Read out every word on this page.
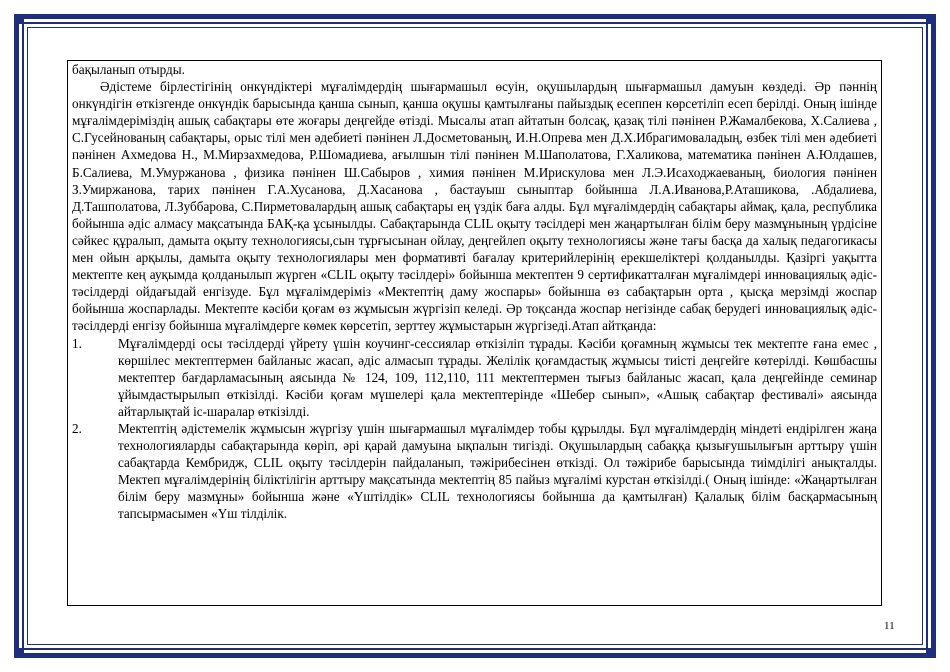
бақыланып отырды.

Әдістеме бірлестігінің онкүндіктері мұғалімдердің шығармашыл өсуін, оқушылардың шығармашыл дамуын көздеді. Әр пәннің онкүндігін өткізгенде онкүндік барысында қанша сынып, қанша оқушы қамтылғаны пайыздық есеппен көрсетіліп есеп берілді. Оның ішінде мұғалімдеріміздің ашық сабақтары өте жоғары деңгейде өтізді. Мысалы атап айтатын болсақ, қазақ тілі пәнінен Р.Жамалбекова, Х.Салиева , С.Гусейнованың сабақтары, орыс тілі мен әдебиеті пәнінен Л.Досметованың, И.Н.Опрева мен Д.Х.Ибрагимоваладың, өзбек тілі мен әдебиеті пәнінен Ахмедова Н., М.Мирзахмедова, Р.Шомадиева, ағылшын тілі пәнінен М.Шаполатова, Г.Халикова, математика пәнінен А.Юлдашев, Б.Салиева, М.Умуржанова , физика пәнінен Ш.Сабыров , химия пәнінен М.Ирискулова мен Л.Э.Исаходжаеваның, биология пәнінен З.Умиржанова, тарих пәнінен Г.А.Хусанова, Д.Хасанова , бастауыш сыныптар бойынша Л.А.Иванова,Р.Аташикова, .Абдалиева, Д.Ташполатова, Л.Зуббарова, С.Пирметовалардың ашық сабақтары ең үздік баға алды. Бұл мұғалімдердің сабақтары аймақ, қала, республика бойынша әдіс алмасу мақсатында БАҚ-қа ұсынылды. Сабақтарында CLIL оқыту тәсілдері мен жаңартылған білім беру мазмұнының үрдісіне сәйкес құралып, дамыта оқыту технологиясы,сын тұрғысынан ойлау, деңгейлеп оқыту технологиясы және тағы басқа да халық педагогикасы мен ойын арқылы, дамыта оқыту технологиялары мен формативті бағалау критерийлерінің ерекшеліктері қолданылды. Қазіргі уақытта мектепте кең ауқымда қолданылып жүрген «CLIL оқыту тәсілдері» бойынша мектептен 9 сертификатталған мұғалімдері инновациялық әдіс-тәсілдерді ойдағыдай енгізуде. Бұл мұғалімдеріміз «Мектептің даму жоспары» бойынша өз сабақтарын орта , қысқа мерзімді жоспар бойынша жоспарлады. Мектепте кәсіби қоғам өз жұмысын жүргізіп келеді. Әр тоқсанда жоспар негізінде сабақ берудегі инновациялық әдіс-тәсілдерді енгізу бойынша мұғалімдерге көмек көрсетіп, зерттеу жұмыстарын жүргізеді.Атап айтқанда:

1.	Мұғалімдерді осы тәсілдерді үйрету үшін коучинг-сессиялар өткізіліп тұрады. Кәсіби қоғамның жұмысы тек мектепте ғана емес , көршілес мектептермен байланыс жасап, әдіс алмасып тұрады. Желілік қоғамдастық жұмысы тиісті деңгейге көтерілді. Көшбасшы мектептер бағдарламасының аясында № 124, 109, 112,110, 111 мектептермен тығыз байланыс жасап, қала деңгейінде семинар ұйымдастырылып өткізілді. Кәсіби қоғам мүшелері қала мектептерінде «Шебер сынып», «Ашық сабақтар фестивалі» аясында айтарлықтай іс-шаралар өткізілді.
2.	Мектептің әдістемелік жұмысын жүргізу үшін шығармашыл мұғалімдер тобы құрылды. Бұл мұғалімдердің міндеті ендірілген жаңа технологияларды сабақтарында көріп, әрі қарай дамуына ықпалын тигізді. Оқушылардың сабаққа қызығушылығын арттыру үшін сабақтарда Кембридж, CLIL оқыту тәсілдерін пайдаланып, тәжірибесінен өткізді. Ол тәжірибе барысында тиімділігі анықталды. Мектеп мұғалімдерінің біліктілігін арттыру мақсатында мектептің 85 пайыз мұғалімі курстан өткізілді.( Оның ішінде: «Жаңартылған білім беру мазмұны» бойынша және «Үштілдік» CLIL технологиясы бойынша да қамтылған) Қалалық білім басқармасының тапсырмасымен «Үш тілділік.
11
